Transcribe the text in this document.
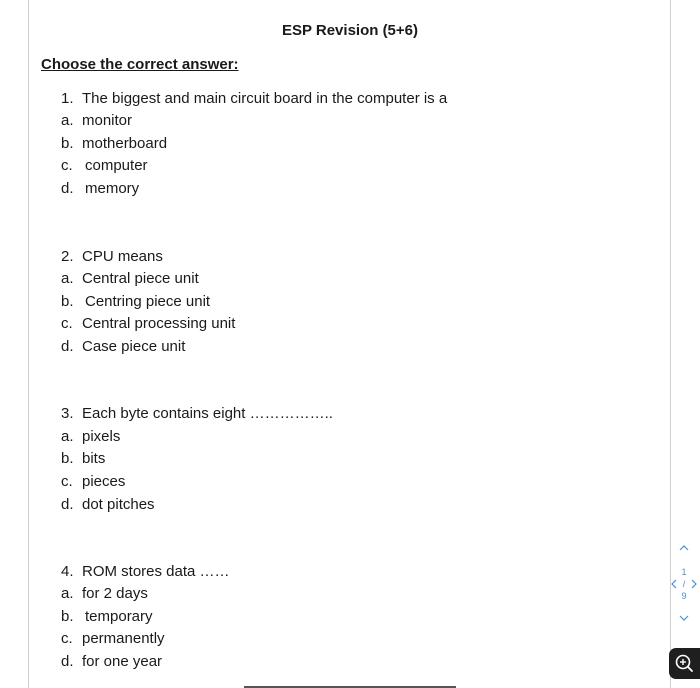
ESP Revision (5+6)
Choose the correct answer:
1. The biggest and main circuit board in the computer is a
a. monitor
b. motherboard
c. computer
d. memory
2. CPU means
a. Central piece unit
b. Centring piece unit
c. Central processing unit
d. Case piece unit
3. Each byte contains eight ……………..
a. pixels
b. bits
c. pieces
d. dot pitches
4. ROM stores data ……
a. for 2 days
b. temporary
c. permanently
d. for one year
1
/
9
